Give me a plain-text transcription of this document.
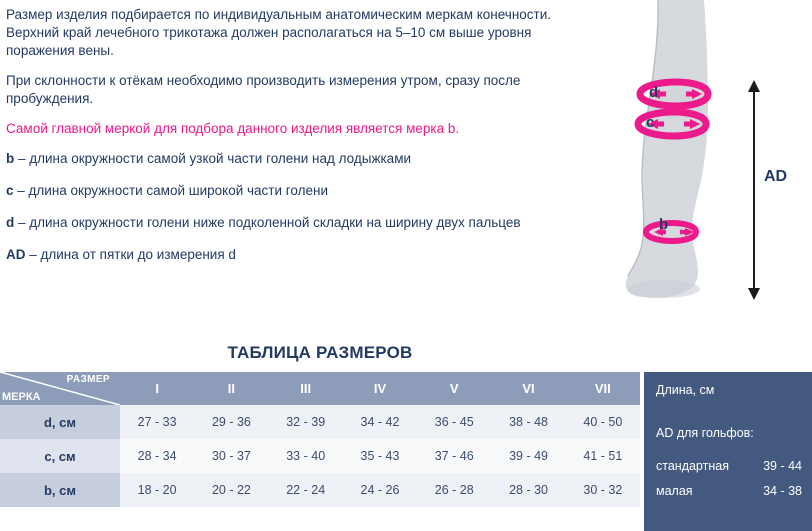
Размер изделия подбирается по индивидуальным анатомическим меркам конечности. Верхний край лечебного трикотажа должен располагаться на 5–10 см выше уровня поражения вены.

При склонности к отёкам необходимо производить измерения утром, сразу после пробуждения.

Самой главной меркой для подбора данного изделия является мерка b.

b – длина окружности самой узкой части голени над лодыжками

c – длина окружности самой широкой части голени

d – длина окружности голени ниже подколенной складки на ширину двух пальцев

AD – длина от пятки до измерения d

d
c
b
AD
ТАБЛИЦА РАЗМЕРОВ
РАЗМЕР
МЕРКА	I	II	III	IV	V	VI	VII
d, см	27 - 33	29 - 36	32 - 39	34 - 42	36 - 45	38 - 48	40 - 50
c, см	28 - 34	30 - 37	33 - 40	35 - 43	37 - 46	39 - 49	41 - 51
b, см	18 - 20	20 - 22	22 - 24	24 - 26	26 - 28	28 - 30	30 - 32
Длина, см
AD для гольфов:
стандартная	39 - 44
малая	34 - 38
